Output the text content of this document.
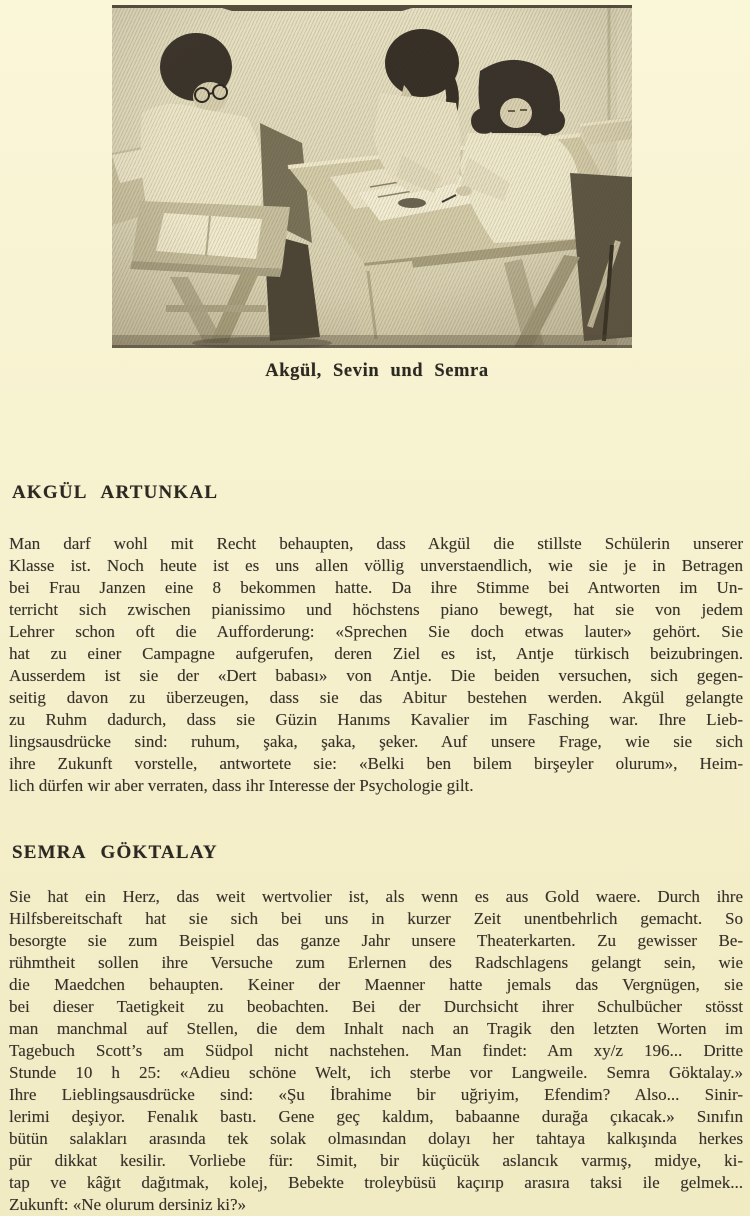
Akgül, Sevin und Semra
AKGÜL ARTUNKAL
Man darf wohl mit Recht behaupten, dass Akgül die stillste Schülerin unserer
Klasse ist. Noch heute ist es uns allen völlig unverstaendlich, wie sie je in Betragen
bei Frau Janzen eine 8 bekommen hatte. Da ihre Stimme bei Antworten im Un-
terricht sich zwischen pianissimo und höchstens piano bewegt, hat sie von jedem
Lehrer schon oft die Aufforderung: «Sprechen Sie doch etwas lauter» gehört. Sie
hat zu einer Campagne aufgerufen, deren Ziel es ist, Antje türkisch beizubringen.
Ausserdem ist sie der «Dert babası» von Antje. Die beiden versuchen, sich gegen-
seitig davon zu überzeugen, dass sie das Abitur bestehen werden. Akgül gelangte
zu Ruhm dadurch, dass sie Güzin Hanıms Kavalier im Fasching war. Ihre Lieb-
lingsausdrücke sind: ruhum, şaka, şaka, şeker. Auf unsere Frage, wie sie sich
ihre Zukunft vorstelle, antwortete sie: «Belki ben bilem birşeyler olurum», Heim-
lich dürfen wir aber verraten, dass ihr Interesse der Psychologie gilt.
SEMRA GÖKTALAY
Sie hat ein Herz, das weit wertvolier ist, als wenn es aus Gold waere. Durch ihre
Hilfsbereitschaft hat sie sich bei uns in kurzer Zeit unentbehrlich gemacht. So
besorgte sie zum Beispiel das ganze Jahr unsere Theaterkarten. Zu gewisser Be-
rühmtheit sollen ihre Versuche zum Erlernen des Radschlagens gelangt sein, wie
die Maedchen behaupten. Keiner der Maenner hatte jemals das Vergnügen, sie
bei dieser Taetigkeit zu beobachten. Bei der Durchsicht ihrer Schulbücher stösst
man manchmal auf Stellen, die dem Inhalt nach an Tragik den letzten Worten im
Tagebuch Scott’s am Südpol nicht nachstehen. Man findet: Am xy/z 196... Dritte
Stunde 10 h 25: «Adieu schöne Welt, ich sterbe vor Langweile. Semra Göktalay.»
Ihre Lieblingsausdrücke sind: «Şu İbrahime bir uğriyim, Efendim? Also... Sinir-
lerimi deşiyor. Fenalık bastı. Gene geç kaldım, babaanne durağa çıkacak.» Sınıfın
bütün salakları arasında tek solak olmasından dolayı her tahtaya kalkışında herkes
pür dikkat kesilir. Vorliebe für: Simit, bir küçücük aslancık varmış, midye, ki-
tap ve kâğıt dağıtmak, kolej, Bebekte troleybüsü kaçırıp arasıra taksi ile gelmek...
Zukunft: «Ne olurum dersiniz ki?»
